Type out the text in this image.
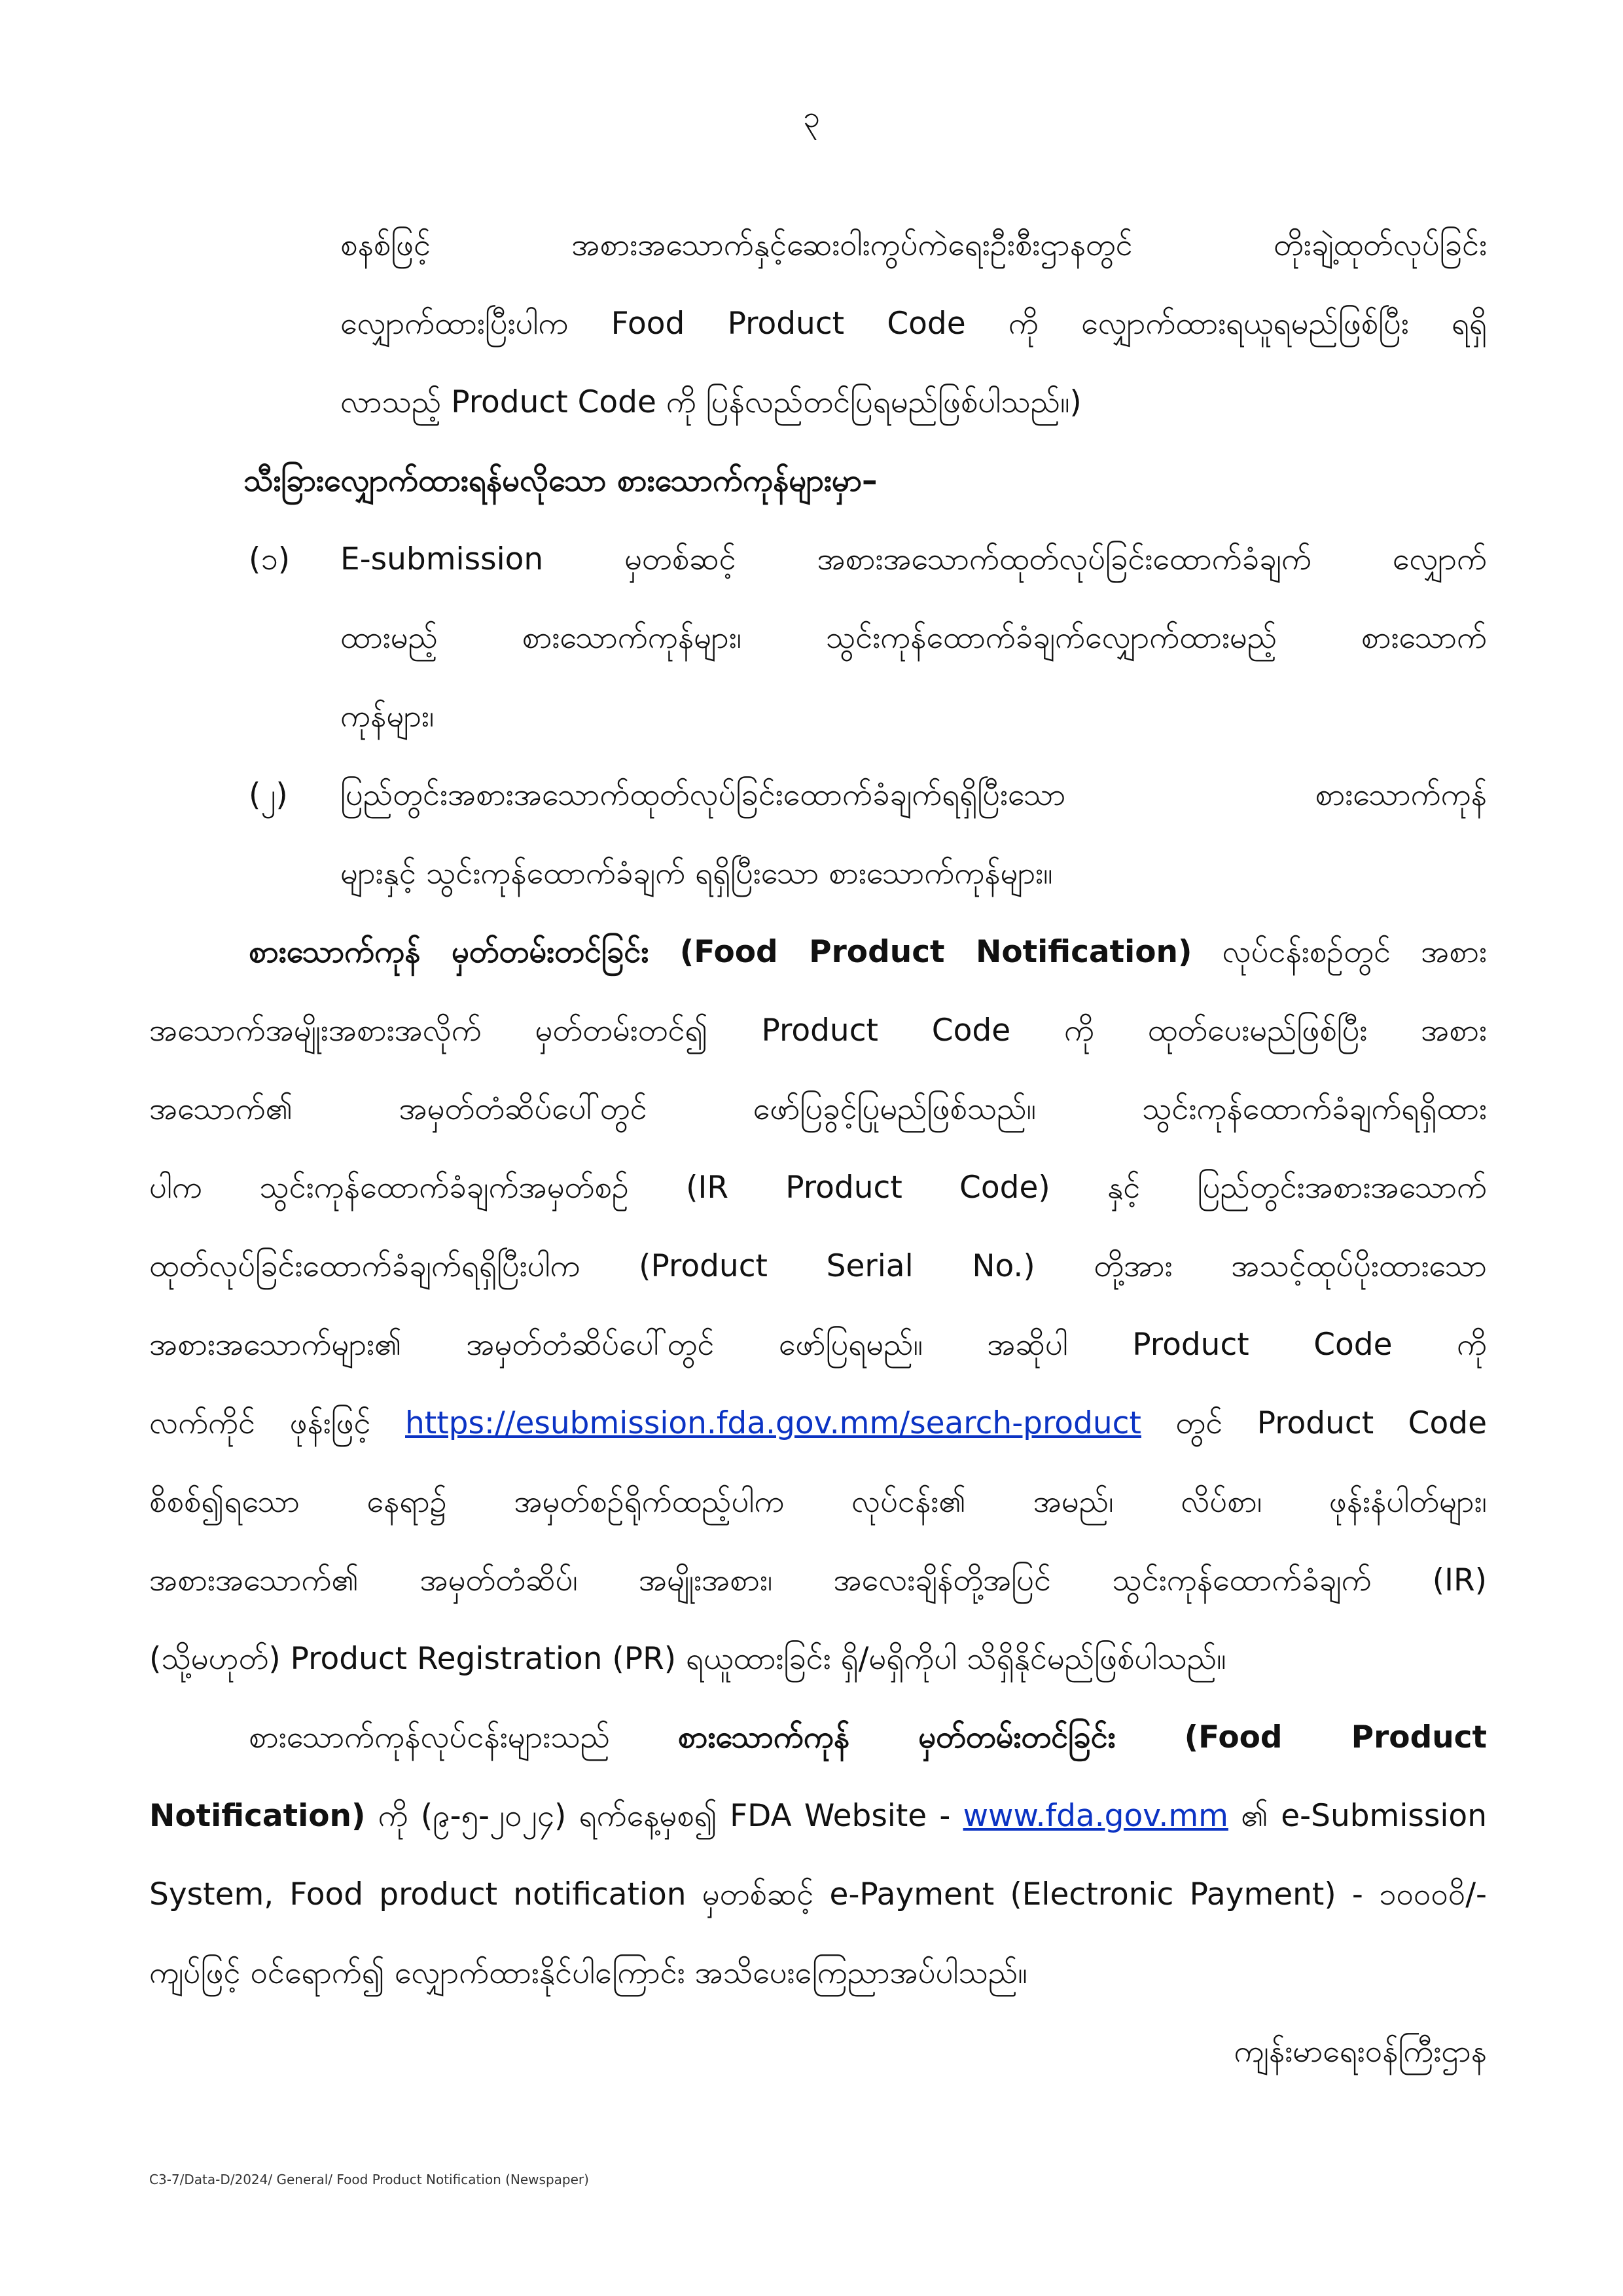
၃
စနစ်ဖြင့် အစားအသောက်နှင့်ဆေးဝါးကွပ်ကဲရေးဦးစီးဌာနတွင် တိုးချဲ့ထုတ်လုပ်ခြင်း
လျှောက်ထားပြီးပါက Food Product Code ကို လျှောက်ထားရယူရမည်ဖြစ်ပြီး ရရှိ
လာသည့် Product Code ကို ပြန်လည်တင်ပြရမည်ဖြစ်ပါသည်။)
သီးခြားလျှောက်ထားရန်မလိုသော စားသောက်ကုန်များမှာ–
(၁)	E-submission မှတစ်ဆင့် အစားအသောက်ထုတ်လုပ်ခြင်းထောက်ခံချက် လျှောက်
ထားမည့် စားသောက်ကုန်များ၊ သွင်းကုန်ထောက်ခံချက်လျှောက်ထားမည့် စားသောက်
ကုန်များ၊
(၂)	ပြည်တွင်းအစားအသောက်ထုတ်လုပ်ခြင်းထောက်ခံချက်ရရှိပြီးသော စားသောက်ကုန်
များနှင့် သွင်းကုန်ထောက်ခံချက် ရရှိပြီးသော စားသောက်ကုန်များ။
စားသောက်ကုန် မှတ်တမ်းတင်ခြင်း (Food Product Notification) လုပ်ငန်းစဉ်တွင် အစား
အသောက်အမျိုးအစားအလိုက် မှတ်တမ်းတင်၍ Product Code ကို ထုတ်ပေးမည်ဖြစ်ပြီး အစား
အသောက်၏ အမှတ်တံဆိပ်ပေါ်တွင် ဖော်ပြခွင့်ပြုမည်ဖြစ်သည်။ သွင်းကုန်ထောက်ခံချက်ရရှိထား
ပါက သွင်းကုန်ထောက်ခံချက်အမှတ်စဉ် (IR Product Code) နှင့် ပြည်တွင်းအစားအသောက်
ထုတ်လုပ်ခြင်းထောက်ခံချက်ရရှိပြီးပါက (Product Serial No.) တို့အား အသင့်ထုပ်ပိုးထားသော
အစားအသောက်များ၏ အမှတ်တံဆိပ်ပေါ်တွင် ဖော်ပြရမည်။ အဆိုပါ Product Code ကို
လက်ကိုင် ဖုန်းဖြင့် https://esubmission.fda.gov.mm/search-product တွင် Product Code
စိစစ်၍ရသော နေရာ၌ အမှတ်စဉ်ရိုက်ထည့်ပါက လုပ်ငန်း၏ အမည်၊ လိပ်စာ၊ ဖုန်းနံပါတ်များ၊
အစားအသောက်၏ အမှတ်တံဆိပ်၊ အမျိုးအစား၊ အလေးချိန်တို့အပြင် သွင်းကုန်ထောက်ခံချက် (IR)
(သို့မဟုတ်) Product Registration (PR) ရယူထားခြင်း ရှိ/မရှိကိုပါ သိရှိနိုင်မည်ဖြစ်ပါသည်။
စားသောက်ကုန်လုပ်ငန်းများသည် စားသောက်ကုန် မှတ်တမ်းတင်ခြင်း (Food Product
Notification) ကို (၉-၅-၂၀၂၄) ရက်နေ့မှစ၍ FDA Website - www.fda.gov.mm ၏ e-Submission
System, Food product notification မှတစ်ဆင့် e-Payment (Electronic Payment) - ၁၀၀၀ဝိ/-
ကျပ်ဖြင့် ဝင်ရောက်၍ လျှောက်ထားနိုင်ပါကြောင်း အသိပေးကြေညာအပ်ပါသည်။
ကျန်းမာရေးဝန်ကြီးဌာန
C3-7/Data-D/2024/ General/ Food Product Notification (Newspaper)
